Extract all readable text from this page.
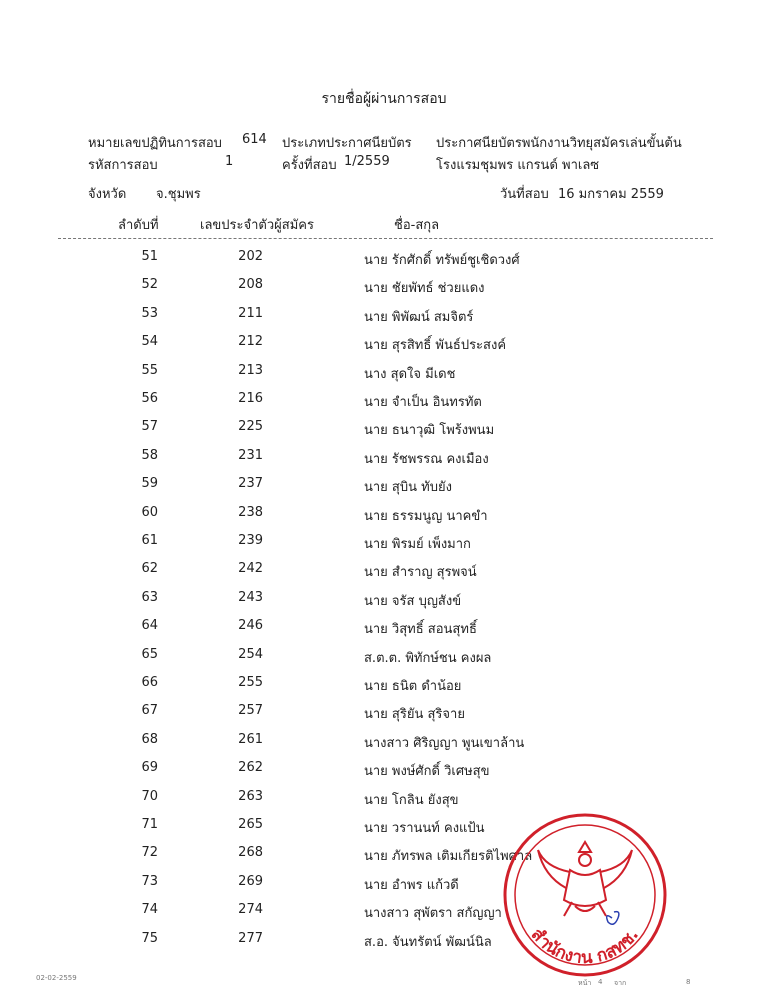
รายชื่อผู้ผ่านการสอบ
หมายเลขปฏิทินการสอบ 614 ประเภทประกาศนียบัตร ประกาศนียบัตรพนักงานวิทยุสมัครเล่นขั้นต้น
รหัสการสอบ	1	ครั้งที่สอบ 1/2559	โรงแรมชุมพร แกรนด์ พาเลซ
จังหวัด จ.ชุมพร	วันที่สอบ 16 มกราคม 2559
ลำดับที่	เลขประจำตัวผู้สมัคร	ชื่อ-สกุล
51	202	นาย รักศักดิ์ ทรัพย์ชูเชิดวงศ์
52	208	นาย ชัยพัทธ์ ช่วยแดง
53	211	นาย พิพัฒน์ สมจิตร์
54	212	นาย สุรสิทธิ์ พันธ์ประสงค์
55	213	นาง สุดใจ มีเดช
56	216	นาย จำเป็น อินทรทัต
57	225	นาย ธนาวุฒิ โพร้งพนม
58	231	นาย รัชพรรณ คงเมือง
59	237	นาย สุบิน ทับยัง
60	238	นาย ธรรมนูญ นาคขำ
61	239	นาย พิรมย์ เพ็งมาก
62	242	นาย สำราญ สุรพจน์
63	243	นาย จรัส บุญสังข์
64	246	นาย วิสุทธิ์ สอนสุทธิ์
65	254	ส.ต.ต. พิทักษ์ชน คงผล
66	255	นาย ธนิต ดำน้อย
67	257	นาย สุริยัน สุริจาย
68	261	นางสาว ศิริญญา พูนเขาล้าน
69	262	นาย พงษ์ศักดิ์ วิเศษสุข
70	263	นาย โกลิน ยังสุข
71	265	นาย วรานนท์ คงแป้น
72	268	นาย ภัทรพล เติมเกียรติไพศาล
73	269	นาย อำพร แก้วดี
74	274	นางสาว สุพัตรา สกัญญา
75	277	ส.อ. จันทรัตน์ พัฒน์นิล สำนักงาน กสทช.
02-02-2559
หน้า 4 จาก	8
